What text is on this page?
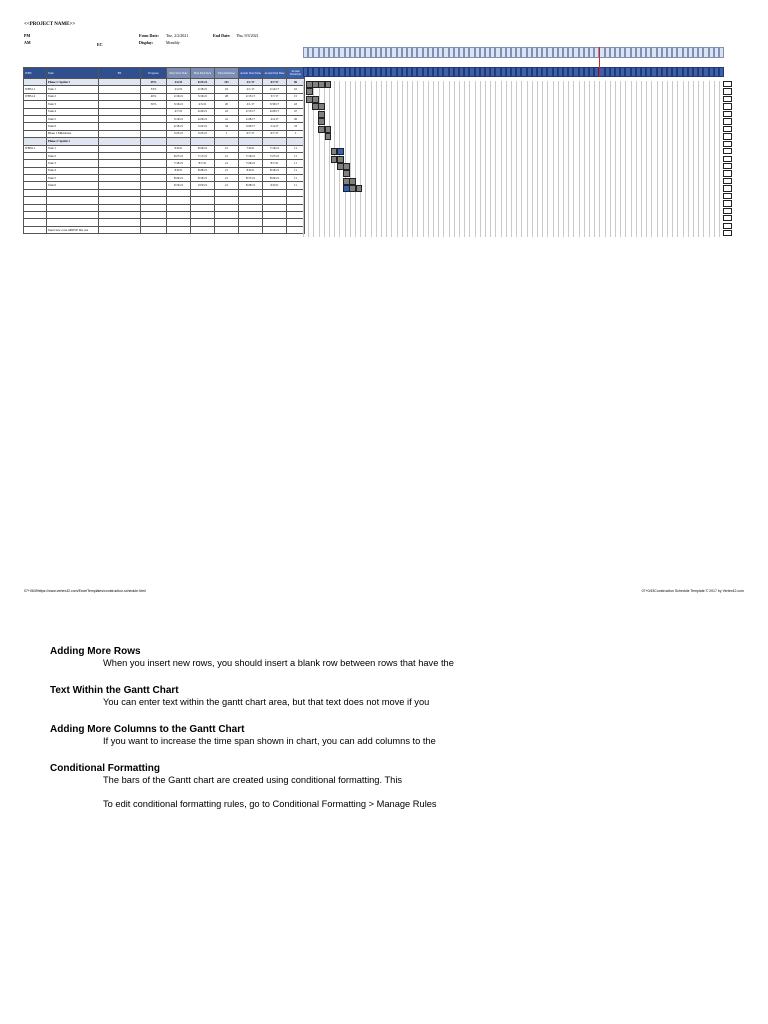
<<PROJECT NAME>>
PM
AM	EC
From Date: Tue, 2/2/2021	End Date: Thu, 9/3/2021
Display:	Monthly
WBS	Task	BS	Progress	Plan Start Date	Plan End Date	Plan Duration	Actual Start Date	Actual End Date	Actual Duration
	Phase 1: Sprint 1		39%	2/2/21	6/23/21	151	2/1/17	6/7/17	96
WBS1.1	Task 1		33%	2/2/21	2/18/21	16	2/1/17	2/14/17	10
WBS1.2	Task 2		40%	2/16/21	3/16/21	28	2/15/17	3/7/17	15
	Task 3		50%	3/16/21	4/5/21	20	2/1/17	3/30/17	43
	Task 4			4/7/21	4/29/21	22	2/15/17	4/20/17	47
	Task 5			3/16/21	4/26/21	41	2/28/17	4/4/17	26
	Task 6			4/18/21	5/22/21	34	3/20/17	5/4/17	33
	Phase 1 Milestones			5/23/21	5/23/21	1	6/7/17	6/7/17	1
	Phase 2: Sprint 1								
WBS2.1	Task 1			6/6/21	6/26/21	21	7/6/21	7/16/21	11
	Task 2			6/27/21	7/17/21	21	7/16/21	7/27/21	11
	Task 3			7/18/21	8/7/21	21	7/26/21	8/7/21	11
	Task 4			8/8/21	8/28/21	21	8/6/21	8/18/21	11
	Task 5			8/29/21	9/18/21	21	8/17/21	8/29/21	11
	Task 6			9/19/21	10/9/21	21	8/28/21	9/9/21	11

	Insert new rows ABOVE this one								
07+0639https://www.vertex42.com/ExcelTemplates/construction-schedule.html	07+0/43Construction Schedule Template © 2017 by Vertex42.com
Adding More Rows

When you insert new rows, you should insert a blank row between rows that have the

Text Within the Gantt Chart

You can enter text within the gantt chart area, but that text does not move if you

Adding More Columns to the Gantt Chart

If you want to increase the time span shown in chart, you can add columns to the

Conditional Formatting

The bars of the Gantt chart are created using conditional formatting. This

To edit conditional formatting rules, go to Conditional Formatting > Manage Rules
